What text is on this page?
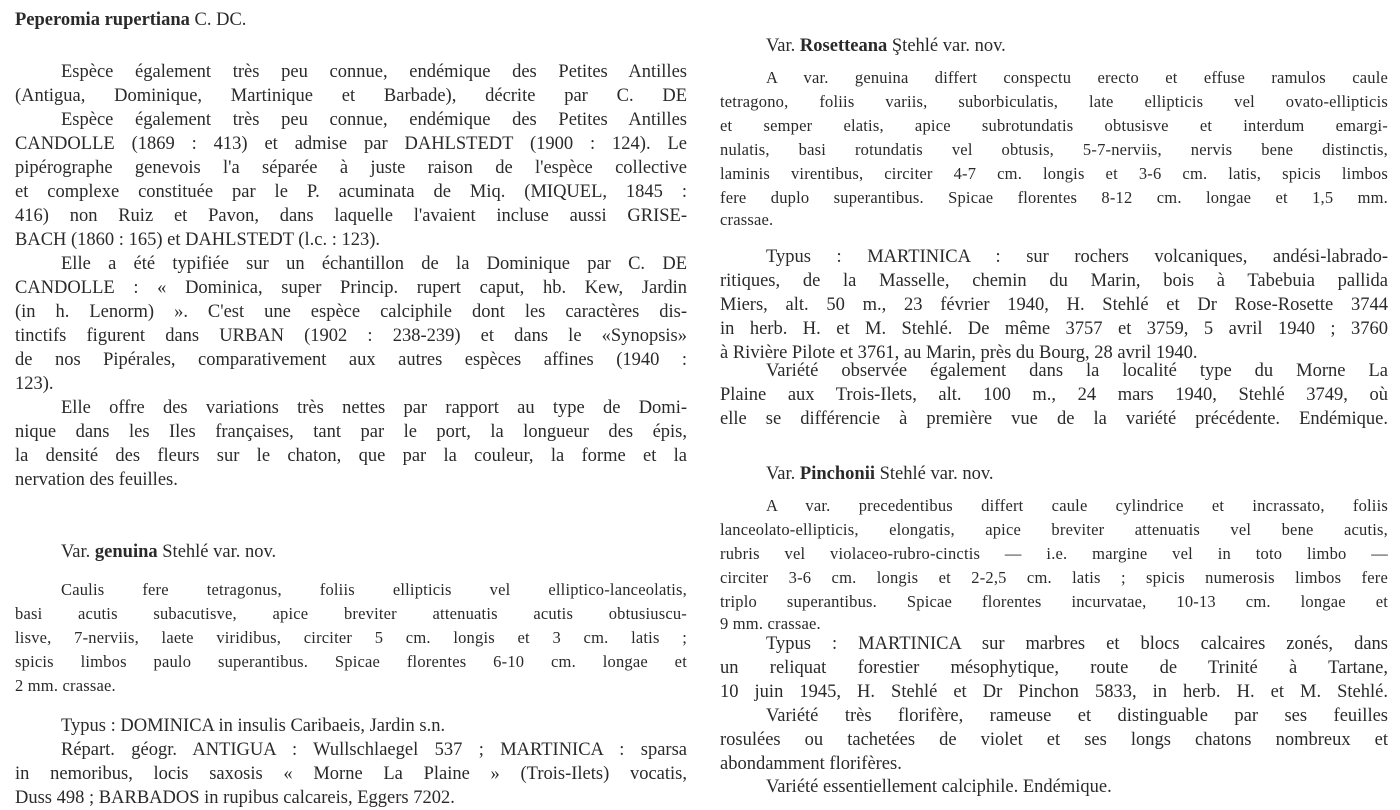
Peperomia rupertiana C. DC.
Espèce également très peu connue, endémique des Petites Antilles
(Antigua, Dominique, Martinique et Barbade), décrite par C. DE
Espèce également très peu connue, endémique des Petites Antilles
CANDOLLE (1869 : 413) et admise par DAHLSTEDT (1900 : 124). Le
pipérographe genevois l'a séparée à juste raison de l'espèce collective
et complexe constituée par le P. acuminata de Miq. (MIQUEL, 1845 :
416) non Ruiz et Pavon, dans laquelle l'avaient incluse aussi GRISE-
BACH (1860 : 165) et DAHLSTEDT (l.c. : 123).
Elle a été typifiée sur un échantillon de la Dominique par C. DE
CANDOLLE : « Dominica, super Princip. rupert caput, hb. Kew, Jardin
(in h. Lenorm) ». C'est une espèce calciphile dont les caractères dis-
tinctifs figurent dans URBAN (1902 : 238-239) et dans le «Synopsis»
de nos Pipérales, comparativement aux autres espèces affines (1940 :
123).
Elle offre des variations très nettes par rapport au type de Domi-
nique dans les Iles françaises, tant par le port, la longueur des épis,
la densité des fleurs sur le chaton, que par la couleur, la forme et la
nervation des feuilles.
Var. genuina Stehlé var. nov.
Caulis fere tetragonus, foliis ellipticis vel elliptico-lanceolatis,
basi acutis subacutisve, apice breviter attenuatis acutis obtusiuscu-
lisve, 7-nerviis, laete viridibus, circiter 5 cm. longis et 3 cm. latis ;
spicis limbos paulo superantibus. Spicae florentes 6-10 cm. longae et
2 mm. crassae.
Typus : DOMINICA in insulis Caribaeis, Jardin s.n.
Répart. géogr. ANTIGUA : Wullschlaegel 537 ; MARTINICA : sparsa
in nemoribus, locis saxosis « Morne La Plaine » (Trois-Ilets) vocatis,
Duss 498 ; BARBADOS in rupibus calcareis, Eggers 7202.
Var. Rosetteana Ştehlé var. nov.
A var. genuina differt conspectu erecto et effuse ramulos caule
tetragono, foliis variis, suborbiculatis, late ellipticis vel ovato-ellipticis
et semper elatis, apice subrotundatis obtusisve et interdum emargi-
nulatis, basi rotundatis vel obtusis, 5-7-nerviis, nervis bene distinctis,
laminis virentibus, circiter 4-7 cm. longis et 3-6 cm. latis, spicis limbos
fere duplo superantibus. Spicae florentes 8-12 cm. longae et 1,5 mm.
crassae.
Typus : MARTINICA : sur rochers volcaniques, andési-labrado-
ritiques, de la Masselle, chemin du Marin, bois à Tabebuia pallida
Miers, alt. 50 m., 23 février 1940, H. Stehlé et Dr Rose-Rosette 3744
in herb. H. et M. Stehlé. De même 3757 et 3759, 5 avril 1940 ; 3760
à Rivière Pilote et 3761, au Marin, près du Bourg, 28 avril 1940.
Variété observée également dans la localité type du Morne La
Plaine aux Trois-Ilets, alt. 100 m., 24 mars 1940, Stehlé 3749, où
elle se différencie à première vue de la variété précédente. Endémique.
Var. Pinchonii Stehlé var. nov.
A var. precedentibus differt caule cylindrice et incrassato, foliis
lanceolato-ellipticis, elongatis, apice breviter attenuatis vel bene acutis,
rubris vel violaceo-rubro-cinctis — i.e. margine vel in toto limbo —
circiter 3-6 cm. longis et 2-2,5 cm. latis ; spicis numerosis limbos fere
triplo superantibus. Spicae florentes incurvatae, 10-13 cm. longae et
9 mm. crassae.
Typus : MARTINICA sur marbres et blocs calcaires zonés, dans
un reliquat forestier mésophytique, route de Trinité à Tartane,
10 juin 1945, H. Stehlé et Dr Pinchon 5833, in herb. H. et M. Stehlé.
Variété très florifère, rameuse et distinguable par ses feuilles
rosulées ou tachetées de violet et ses longs chatons nombreux et
abondamment florifères.
Variété essentiellement calciphile. Endémique.
